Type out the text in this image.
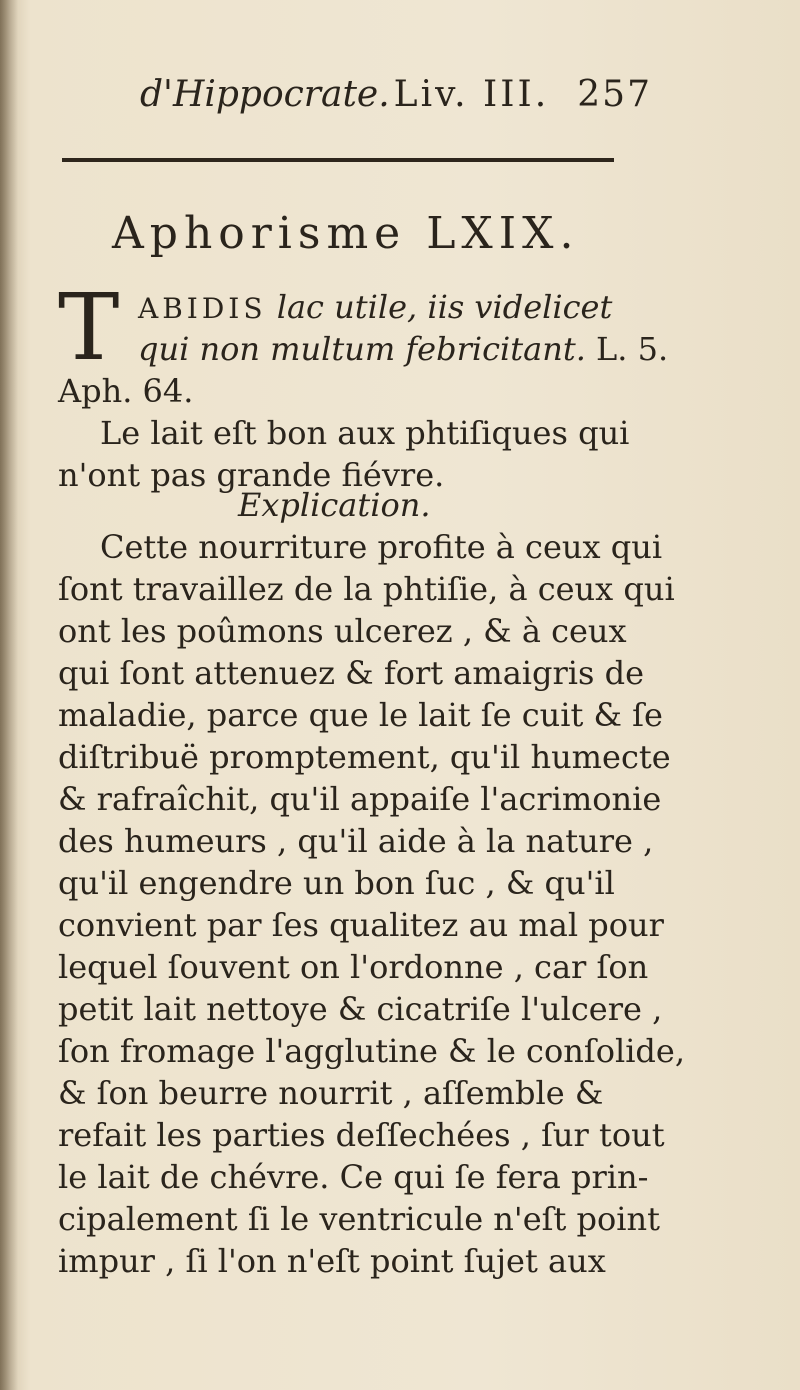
d'Hippocrate. Liv. III. 257
Aphorisme LXIX.
T ABIDIS lac utile, iis videlicet
qui non multum febricitant. L. 5.
Aph. 64.
Le lait eſt bon aux phtiſiques qui
n'ont pas grande fiévre.
Explication.
Cette nourriture profite à ceux qui
ſont travaillez de la phtiſie, à ceux qui
ont les poûmons ulcerez , & à ceux
qui ſont attenuez & fort amaigris de
maladie, parce que le lait ſe cuit & ſe
diſtribuë promptement, qu'il humecte
& rafraîchit, qu'il appaiſe l'acrimonie
des humeurs , qu'il aide à la nature ,
qu'il engendre un bon ſuc , & qu'il
convient par ſes qualitez au mal pour
lequel ſouvent on l'ordonne , car ſon
petit lait nettoye & cicatriſe l'ulcere ,
ſon fromage l'agglutine & le conſolide,
& ſon beurre nourrit , aſſemble &
refait les parties deſſechées , ſur tout
le lait de chévre. Ce qui ſe fera prin-
cipalement ſi le ventricule n'eſt point
impur , ſi l'on n'eſt point ſujet aux
